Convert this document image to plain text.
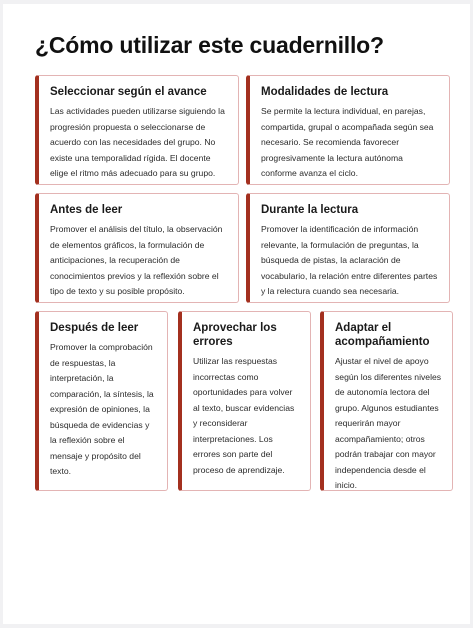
¿Cómo utilizar este cuadernillo?
Seleccionar según el avance

Las actividades pueden utilizarse siguiendo la progresión propuesta o seleccionarse de acuerdo con las necesidades del grupo. No existe una temporalidad rígida. El docente elige el ritmo más adecuado para su grupo.

Modalidades de lectura

Se permite la lectura individual, en parejas, compartida, grupal o acompañada según sea necesario. Se recomienda favorecer progresivamente la lectura autónoma conforme avanza el ciclo.

Antes de leer

Promover el análisis del título, la observación de elementos gráficos, la formulación de anticipaciones, la recuperación de conocimientos previos y la reflexión sobre el tipo de texto y su posible propósito.

Durante la lectura

Promover la identificación de información relevante, la formulación de preguntas, la búsqueda de pistas, la aclaración de vocabulario, la relación entre diferentes partes y la relectura cuando sea necesaria.

Después de leer

Promover la comprobación de respuestas, la interpretación, la comparación, la síntesis, la expresión de opiniones, la búsqueda de evidencias y la reflexión sobre el mensaje y propósito del texto.

Aprovechar los errores

Utilizar las respuestas incorrectas como oportunidades para volver al texto, buscar evidencias y reconsiderar interpretaciones. Los errores son parte del proceso de aprendizaje.

Adaptar el acompañamiento

Ajustar el nivel de apoyo según los diferentes niveles de autonomía lectora del grupo. Algunos estudiantes requerirán mayor acompañamiento; otros podrán trabajar con mayor independencia desde el inicio.
